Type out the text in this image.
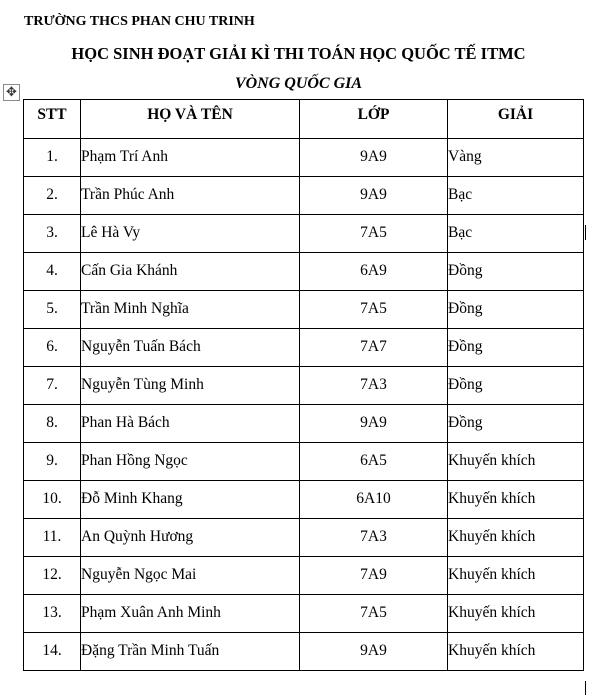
TRƯỜNG THCS PHAN CHU TRINH
HỌC SINH ĐOẠT GIẢI KÌ THI TOÁN HỌC QUỐC TẾ ITMC
VÒNG QUỐC GIA
✥
STT	HỌ VÀ TÊN	LỚP	GIẢI
1.	Phạm Trí Anh	9A9	Vàng
2.	Trần Phúc Anh	9A9	Bạc
3.	Lê Hà Vy	7A5	Bạc
4.	Cấn Gia Khánh	6A9	Đồng
5.	Trần Minh Nghĩa	7A5	Đồng
6.	Nguyễn Tuấn Bách	7A7	Đồng
7.	Nguyễn Tùng Minh	7A3	Đồng
8.	Phan Hà Bách	9A9	Đồng
9.	Phan Hồng Ngọc	6A5	Khuyến khích
10.	Đỗ Minh Khang	6A10	Khuyến khích
11.	An Quỳnh Hương	7A3	Khuyến khích
12.	Nguyễn Ngọc Mai	7A9	Khuyến khích
13.	Phạm Xuân Anh Minh	7A5	Khuyến khích
14.	Đặng Trần Minh Tuấn	9A9	Khuyến khích
